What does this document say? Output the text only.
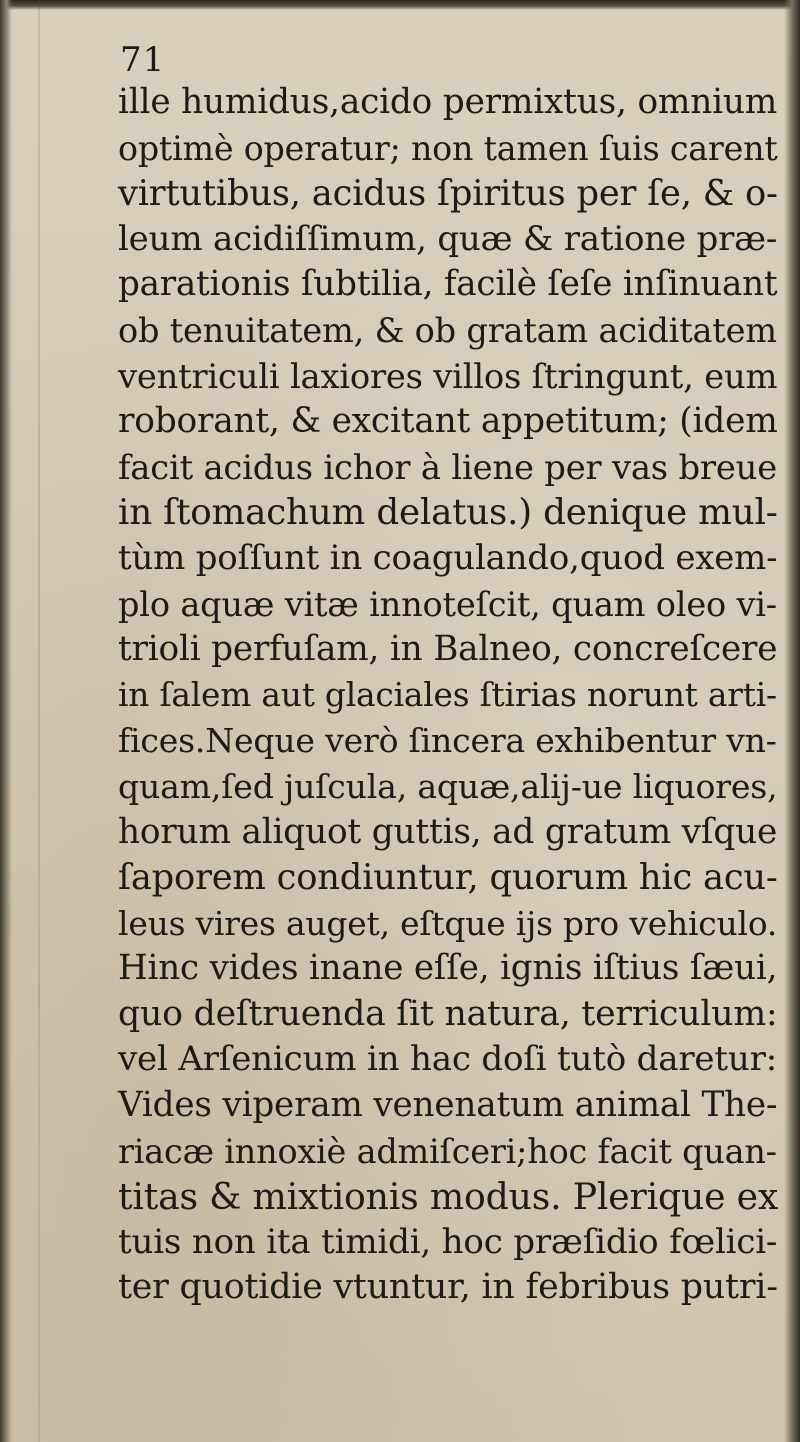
71
ille humidus,acido permixtus, omnium
optimè operatur; non tamen ſuis carent
virtutibus, acidus ſpiritus per ſe, & o-
leum acidiſſimum, quæ & ratione præ-
parationis ſubtilia, facilè ſeſe inſinuant
ob tenuitatem, & ob gratam aciditatem
ventriculi laxiores villos ſtringunt, eum
roborant, & excitant appetitum; (idem
facit acidus ichor à liene per vas breue
in ſtomachum delatus.) denique mul-
tùm poſſunt in coagulando,quod exem-
plo aquæ vitæ innoteſcit, quam oleo vi-
trioli perfuſam, in Balneo, concreſcere
in ſalem aut glaciales ſtirias norunt arti-
fices.Neque verò ſincera exhibentur vn-
quam,ſed juſcula, aquæ,alij-ue liquores,
horum aliquot guttis, ad gratum vſque
ſaporem condiuntur, quorum hic acu-
leus vires auget, eſtque ijs pro vehiculo.
Hinc vides inane eſſe, ignis iſtius ſæui,
quo deſtruenda ſit natura, terriculum:
vel Arſenicum in hac doſi tutò daretur:
Vides viperam venenatum animal The-
riacæ innoxiè admiſceri;hoc facit quan-
titas & mixtionis modus. Plerique ex
tuis non ita timidi, hoc præſidio fœlici-
ter quotidie vtuntur, in febribus putri-
